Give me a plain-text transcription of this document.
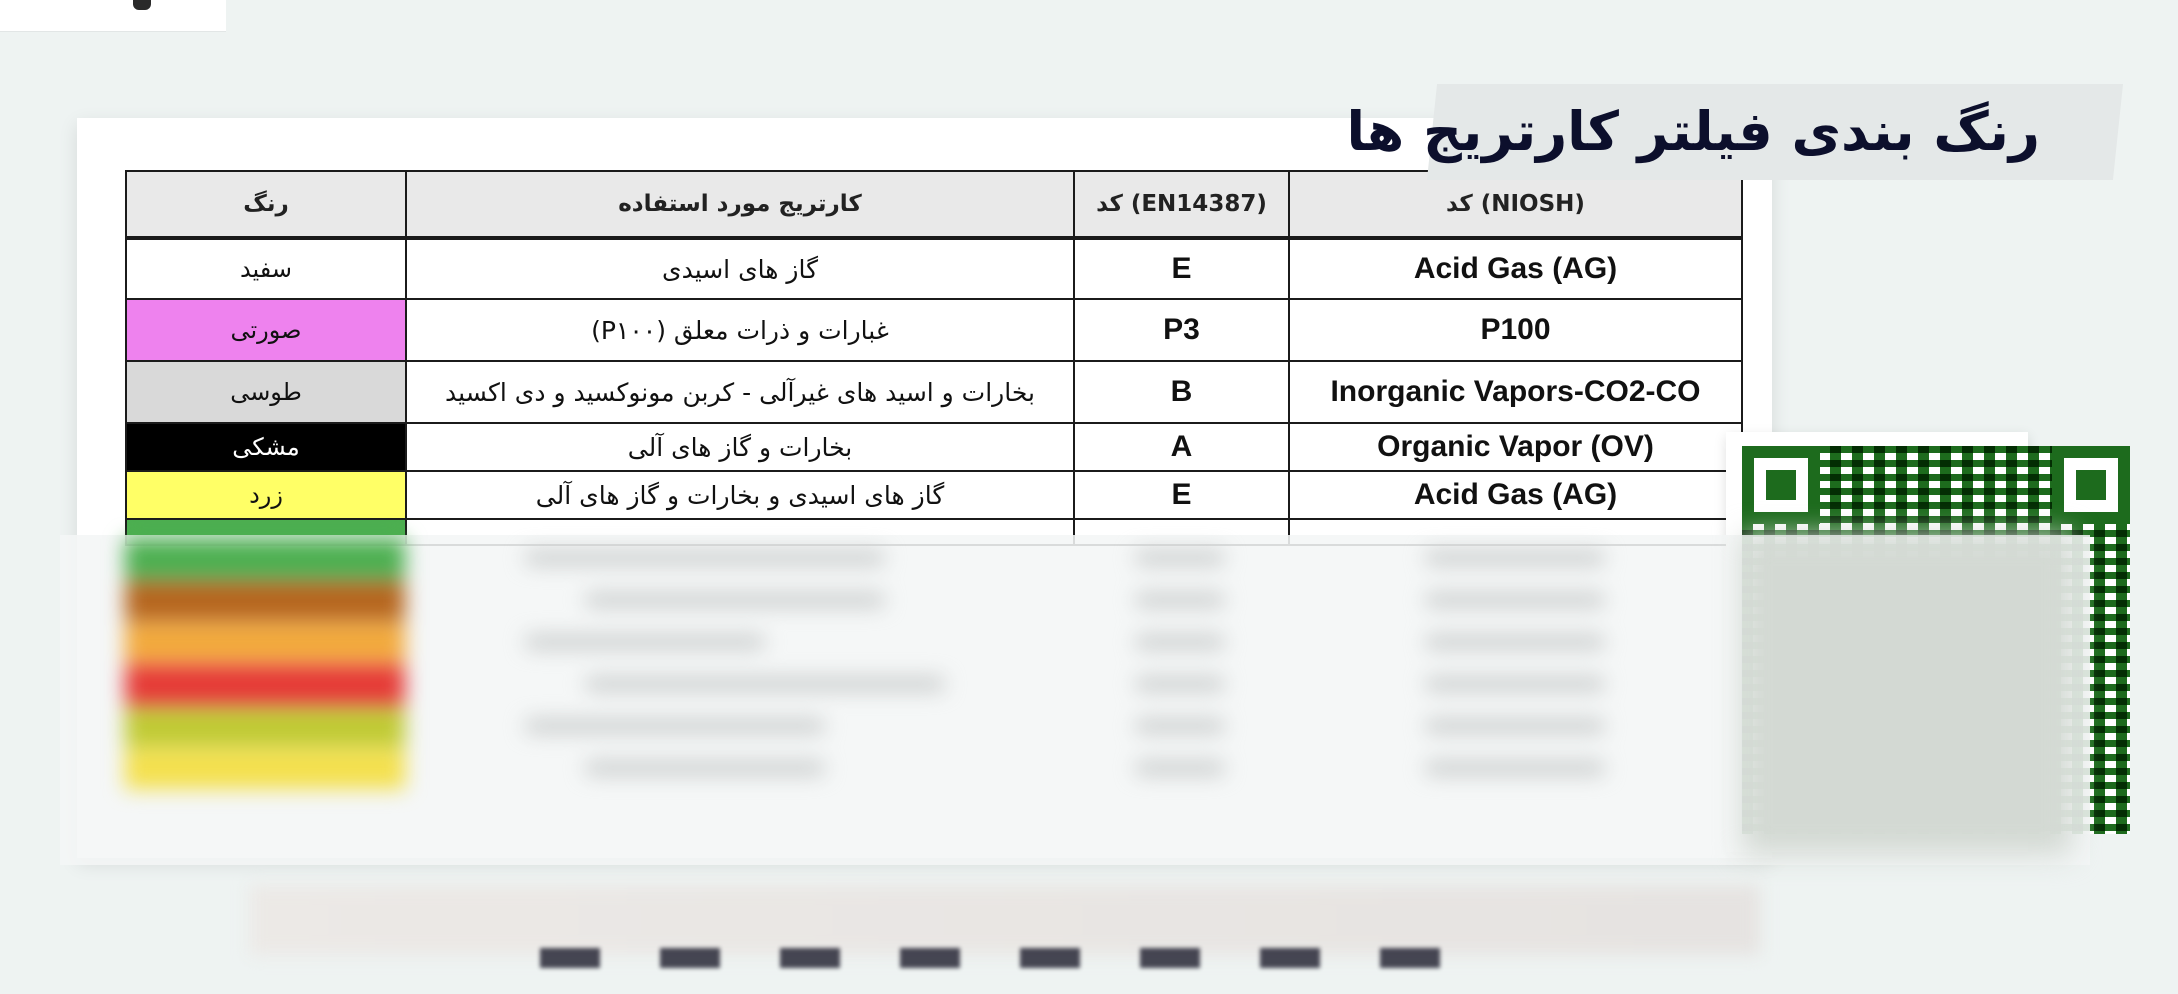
رنگ	کارتریج مورد استفاده	کد (EN14387)	کد (NIOSH)
سفید	گاز های اسیدی	E	Acid Gas (AG)
صورتی	غبارات و ذرات معلق (P۱۰۰)	P3	P100
طوسی	بخارات و اسید های غیرآلی - کربن مونوکسید و دی اکسید	B	Inorganic Vapors-CO2-CO
مشکی	بخارات و گاز های آلی	A	Organic Vapor (OV)
زرد	گاز های اسیدی و بخارات و گاز های آلی	E	Acid Gas (AG)

رنگ بندی فیلتر کارتریج ها
